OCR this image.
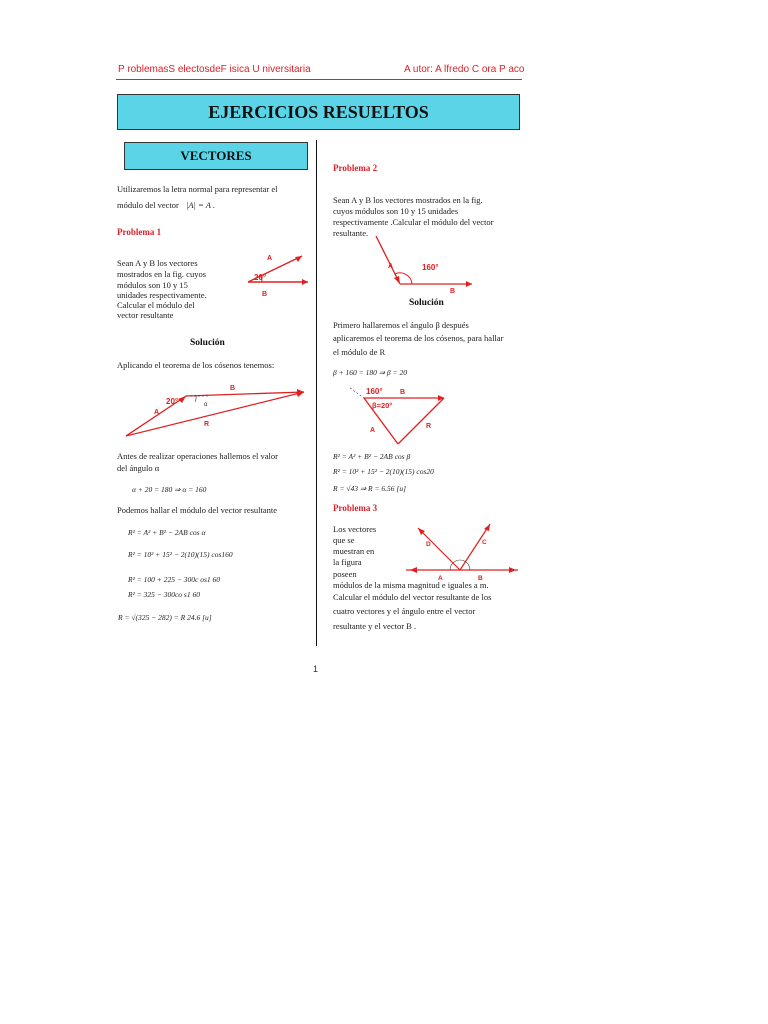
P roblemasS electosdeF isica U niversitaria	A utor: A lfredo C ora P aco
EJERCICIOS RESUELTOS
VECTORES
Utilizaremos la letra normal para representar el
módulo del vector |A| = A .
Problema 1
Sean A y B los vectores
mostrados en la fig. cuyos
módulos son 10 y 15
unidades respectivamente.
Calcular el módulo del
vector resultante
20°
A
B
Solución
Aplicando el teorema de los cósenos tenemos:
20°	α
A
B
R
Antes de realizar operaciones hallemos el valor
del ángulo α
α + 20 = 180 ⇒ α = 160
Podemos hallar el módulo del vector resultante
R² = A² + B² − 2AB cos α
R² = 10² + 15² − 2(10)(15) cos160
R² = 100 + 225 − 300c os1 60
R² = 325 − 300co s1 60
R = √(325 − 282) = R 24.6 [u]
Problema 2
Sean A y B los vectores mostrados en la fig.
cuyos módulos son 10 y 15 unidades
respectivamente .Calcular el módulo del vector
resultante.
160°
A
B
Solución
Primero hallaremos el ángulo β después
aplicaremos el teorema de los cósenos, para hallar
el módulo de R
β + 160 = 180 ⇒ β = 20
160°
β=20°
A
B
R
R² = A² + B² − 2AB cos β
R² = 10² + 15² − 2(10)(15) cos20
R = √43 ⇒ R = 6.56 [u]
Problema 3
Los vectores
que se
muestran en
la figura
poseen
módulos de la misma magnitud e iguales a m.
Calcular el módulo del vector resultante de los
cuatro vectores y el ángulo entre el vector
resultante y el vector B .
D	C
A	B
1
